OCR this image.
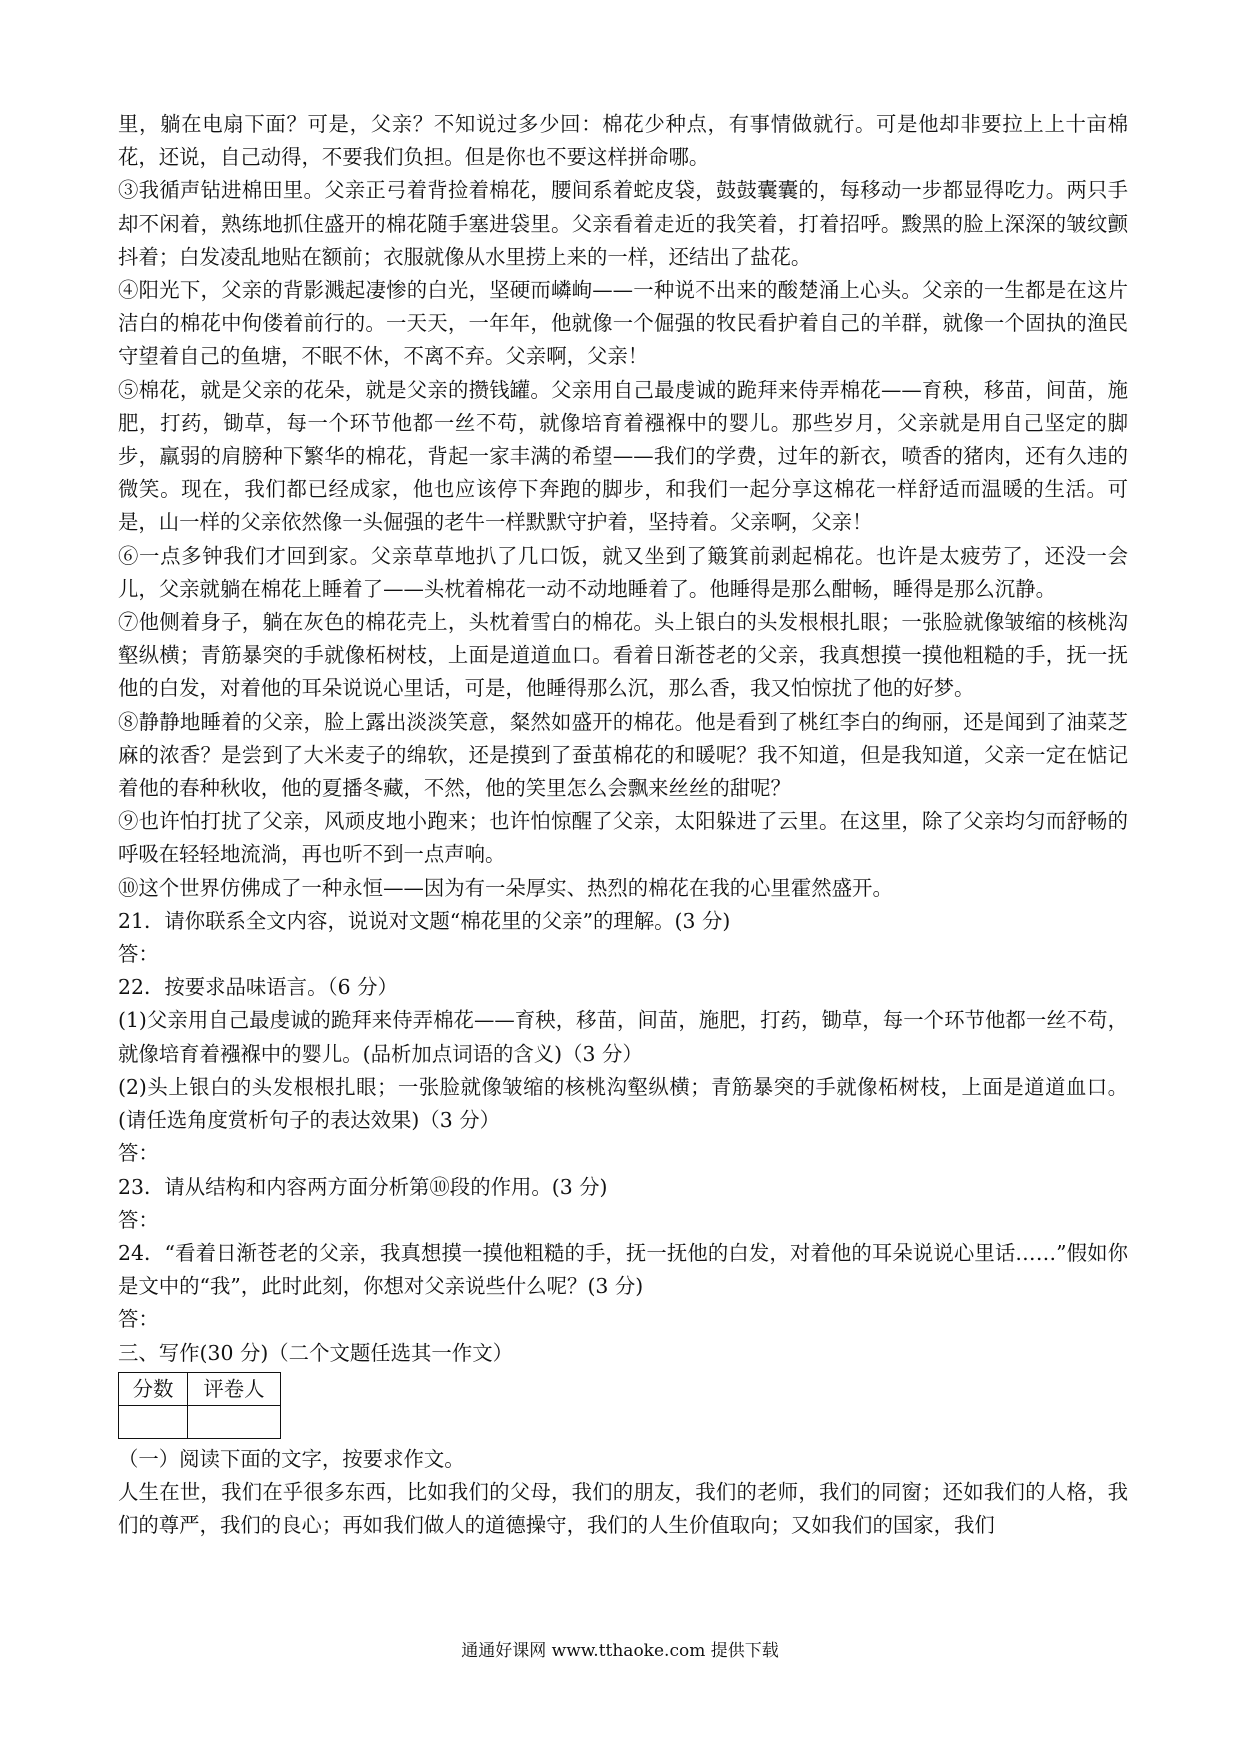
里，躺在电扇下面？可是，父亲？不知说过多少回：棉花少种点，有事情做就行。可是他却非要拉上上十亩棉花，还说，自己动得，不要我们负担。但是你也不要这样拼命哪。

③我循声钻进棉田里。父亲正弓着背捡着棉花，腰间系着蛇皮袋，鼓鼓囊囊的，每移动一步都显得吃力。两只手却不闲着，熟练地抓住盛开的棉花随手塞进袋里。父亲看着走近的我笑着，打着招呼。黢黑的脸上深深的皱纹颤抖着；白发凌乱地贴在额前；衣服就像从水里捞上来的一样，还结出了盐花。

④阳光下，父亲的背影溅起凄惨的白光，坚硬而嶙峋——一种说不出来的酸楚涌上心头。父亲的一生都是在这片洁白的棉花中佝偻着前行的。一天天，一年年，他就像一个倔强的牧民看护着自己的羊群，就像一个固执的渔民守望着自己的鱼塘，不眠不休，不离不弃。父亲啊，父亲！

⑤棉花，就是父亲的花朵，就是父亲的攒钱罐。父亲用自己最虔诚的跪拜来侍弄棉花——育秧，移苗，间苗，施肥，打药，锄草，每一个环节他都一丝不苟，就像培育着襁褓中的婴儿。那些岁月，父亲就是用自己坚定的脚步，羸弱的肩膀种下繁华的棉花，背起一家丰满的希望——我们的学费，过年的新衣，喷香的猪肉，还有久违的微笑。现在，我们都已经成家，他也应该停下奔跑的脚步，和我们一起分享这棉花一样舒适而温暖的生活。可是，山一样的父亲依然像一头倔强的老牛一样默默守护着，坚持着。父亲啊，父亲！

⑥一点多钟我们才回到家。父亲草草地扒了几口饭，就又坐到了簸箕前剥起棉花。也许是太疲劳了，还没一会儿，父亲就躺在棉花上睡着了——头枕着棉花一动不动地睡着了。他睡得是那么酣畅，睡得是那么沉静。

⑦他侧着身子，躺在灰色的棉花壳上，头枕着雪白的棉花。头上银白的头发根根扎眼；一张脸就像皱缩的核桃沟壑纵横；青筋暴突的手就像柘树枝，上面是道道血口。看着日渐苍老的父亲，我真想摸一摸他粗糙的手，抚一抚他的白发，对着他的耳朵说说心里话，可是，他睡得那么沉，那么香，我又怕惊扰了他的好梦。

⑧静静地睡着的父亲，脸上露出淡淡笑意，粲然如盛开的棉花。他是看到了桃红李白的绚丽，还是闻到了油菜芝麻的浓香？是尝到了大米麦子的绵软，还是摸到了蚕茧棉花的和暖呢？我不知道，但是我知道，父亲一定在惦记着他的春种秋收，他的夏播冬藏，不然，他的笑里怎么会飘来丝丝的甜呢？

⑨也许怕打扰了父亲，风顽皮地小跑来；也许怕惊醒了父亲，太阳躲进了云里。在这里，除了父亲均匀而舒畅的呼吸在轻轻地流淌，再也听不到一点声响。

⑩这个世界仿佛成了一种永恒——因为有一朵厚实、热烈的棉花在我的心里霍然盛开。

21．请你联系全文内容，说说对文题“棉花里的父亲”的理解。(3 分)

答：

22．按要求品味语言。（6 分）

(1)父亲用自己最虔诚的跪拜来侍弄棉花——育秧，移苗，间苗，施肥，打药，锄草，每一个环节他都一丝不苟，就像培育着襁褓中的婴儿。(品析加点词语的含义)（3 分）

(2)头上银白的头发根根扎眼；一张脸就像皱缩的核桃沟壑纵横；青筋暴突的手就像柘树枝，上面是道道血口。(请任选角度赏析句子的表达效果)（3 分）

答：

23．请从结构和内容两方面分析第⑩段的作用。(3 分)

答：

24．“看着日渐苍老的父亲，我真想摸一摸他粗糙的手，抚一抚他的白发，对着他的耳朵说说心里话……”假如你是文中的“我”，此时此刻，你想对父亲说些什么呢？(3 分)

答：

三、写作(30 分)（二个文题任选其一作文）

分数	评卷人

（一）阅读下面的文字，按要求作文。

人生在世，我们在乎很多东西，比如我们的父母，我们的朋友，我们的老师，我们的同窗；还如我们的人格，我们的尊严，我们的良心；再如我们做人的道德操守，我们的人生价值取向；又如我们的国家，我们

通通好课网 www.tthaoke.com 提供下载
